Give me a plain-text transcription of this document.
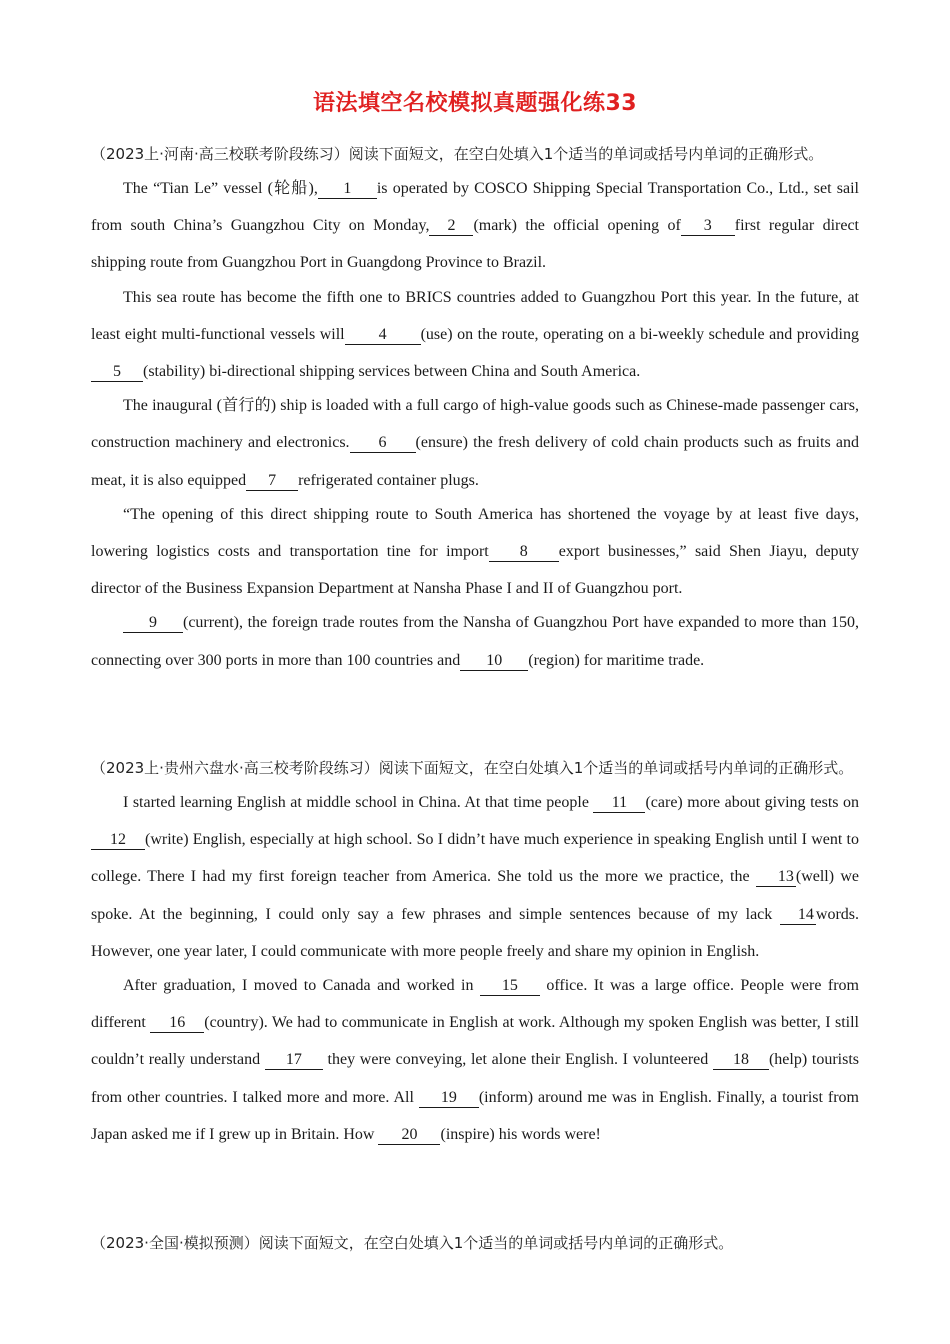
语法填空名校模拟真题强化练33
（2023上·河南·高三校联考阶段练习）阅读下面短文，在空白处填入1个适当的单词或括号内单词的正确形式。
The “Tian Le” vessel (轮船), 1 is operated by COSCO Shipping Special Transportation Co., Ltd., set sail from south China’s Guangzhou City on Monday, 2 (mark) the official opening of 3 first regular direct shipping route from Guangzhou Port in Guangdong Province to Brazil.
This sea route has become the fifth one to BRICS countries added to Guangzhou Port this year. In the future, at least eight multi-functional vessels will 4 (use) on the route, operating on a bi-weekly schedule and providing 5 (stability) bi-directional shipping services between China and South America.
The inaugural (首行的) ship is loaded with a full cargo of high-value goods such as Chinese-made passenger cars, construction machinery and electronics. 6 (ensure) the fresh delivery of cold chain products such as fruits and meat, it is also equipped 7 refrigerated container plugs.
“The opening of this direct shipping route to South America has shortened the voyage by at least five days, lowering logistics costs and transportation tine for import 8 export businesses,” said Shen Jiayu, deputy director of the Business Expansion Department at Nansha Phase I and II of Guangzhou port.
9 (current), the foreign trade routes from the Nansha of Guangzhou Port have expanded to more than 150, connecting over 300 ports in more than 100 countries and 10 (region) for maritime trade.
（2023上·贵州六盘水·高三校考阶段练习）阅读下面短文，在空白处填入1个适当的单词或括号内单词的正确形式。
I started learning English at middle school in China. At that time people 11 (care) more about giving tests on 12 (write) English, especially at high school. So I didn’t have much experience in speaking English until I went to college. There I had my first foreign teacher from America. She told us the more we practice, the 13 (well) we spoke. At the beginning, I could only say a few phrases and simple sentences because of my lack 14 words. However, one year later, I could communicate with more people freely and share my opinion in English.
After graduation, I moved to Canada and worked in 15 office. It was a large office. People were from different 16 (country). We had to communicate in English at work. Although my spoken English was better, I still couldn’t really understand 17 they were conveying, let alone their English. I volunteered 18 (help) tourists from other countries. I talked more and more. All 19 (inform) around me was in English. Finally, a tourist from Japan asked me if I grew up in Britain. How 20 (inspire) his words were!
（2023·全国·模拟预测）阅读下面短文，在空白处填入1个适当的单词或括号内单词的正确形式。
